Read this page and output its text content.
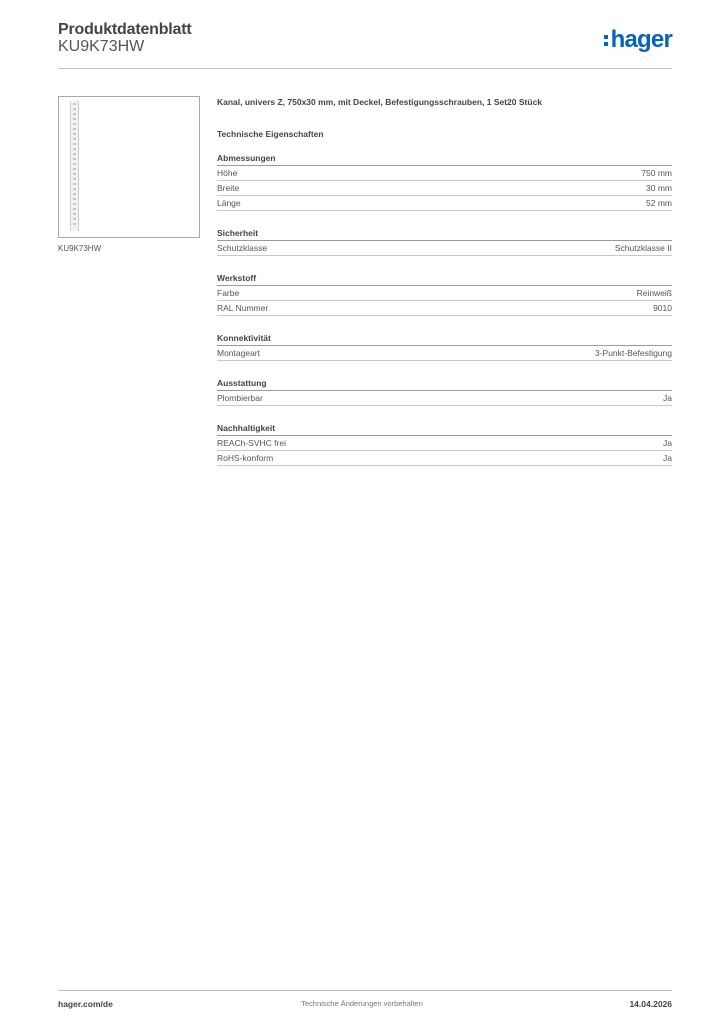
Produktdatenblatt
KU9K73HW	hager
KU9K73HW
Kanal, univers Z, 750x30 mm, mit Deckel, Befestigungsschrauben, 1 Set20 Stück
Technische Eigenschaften
Abmessungen
Höhe	750 mm
Breite	30 mm
Länge	52 mm
Sicherheit
Schutzklasse	Schutzklasse II
Werkstoff
Farbe	Reinweiß
RAL Nummer	9010
Konnektivität
Montageart	3-Punkt-Befestigung
Ausstattung
Plombierbar	Ja
Nachhaltigkeit
REACh-SVHC frei	Ja
RoHS-konform	Ja
hager.com/de	Technische Änderungen vorbehalten	14.04.2026
